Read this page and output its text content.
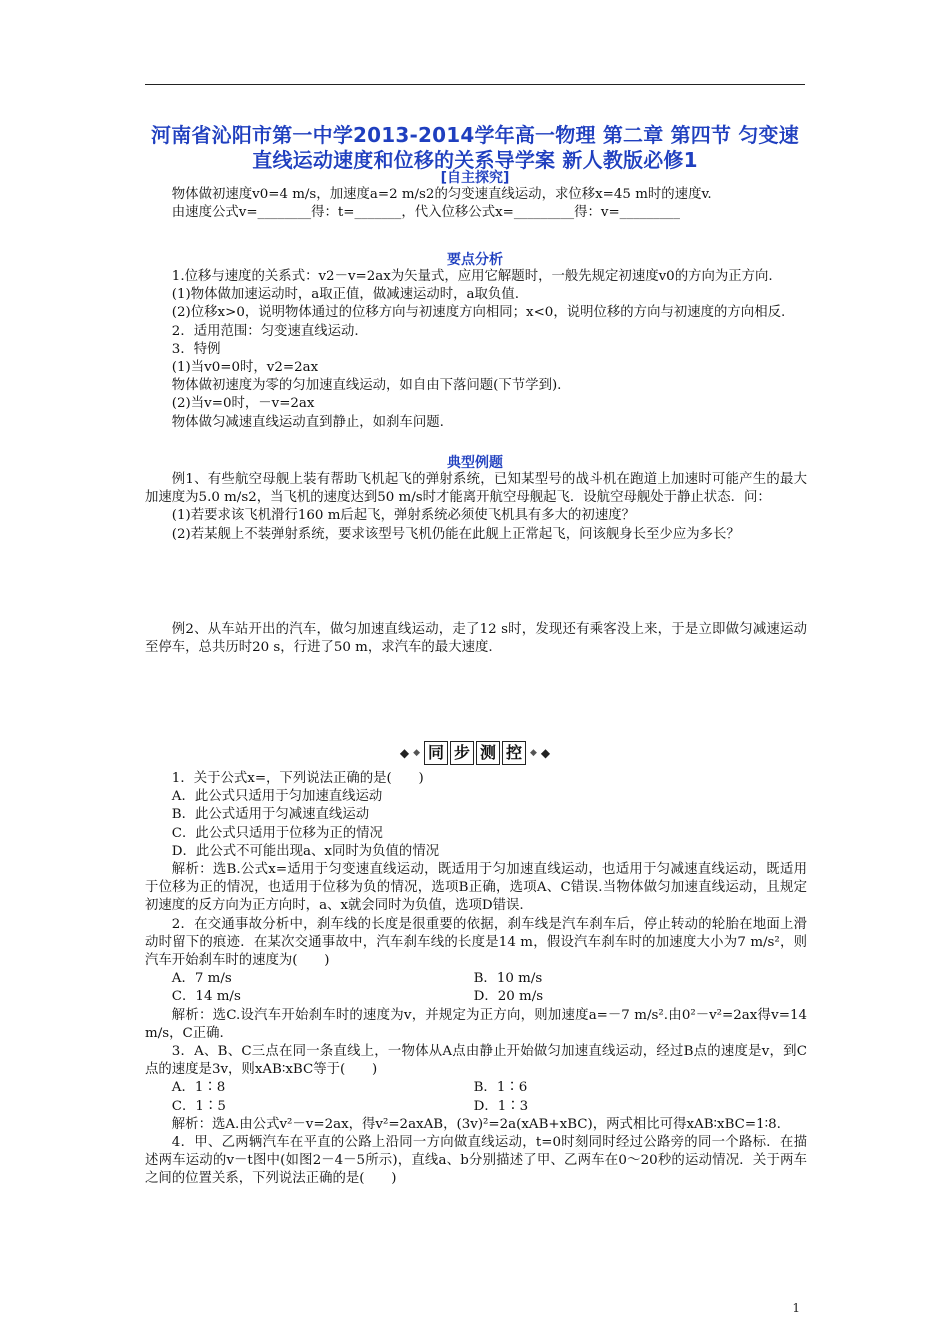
河南省沁阳市第一中学2013-2014学年高一物理 第二章 第四节 匀变速直线运动速度和位移的关系导学案 新人教版必修1
[自主探究]

物体做初速度v0=4 m/s，加速度a=2 m/s2的匀变速直线运动，求位移x=45 m时的速度v.

由速度公式v=________得：t=_______，代入位移公式x=_________得：v=_________

要点分析

1.位移与速度的关系式：v2－v=2ax为矢量式，应用它解题时，一般先规定初速度v0的方向为正方向.

(1)物体做加速运动时，a取正值，做减速运动时，a取负值.

(2)位移x>0，说明物体通过的位移方向与初速度方向相同；x<0，说明位移的方向与初速度的方向相反.

2．适用范围：匀变速直线运动.

3．特例

(1)当v0=0时，v2=2ax

物体做初速度为零的匀加速直线运动，如自由下落问题(下节学到).

(2)当v=0时，－v=2ax

物体做匀减速直线运动直到静止，如刹车问题.

典型例题

例1、有些航空母舰上装有帮助飞机起飞的弹射系统，已知某型号的战斗机在跑道上加速时可能产生的最大加速度为5.0 m/s2，当飞机的速度达到50 m/s时才能离开航空母舰起飞．设航空母舰处于静止状态．问：

(1)若要求该飞机滑行160 m后起飞，弹射系统必须使飞机具有多大的初速度？

(2)若某舰上不装弹射系统，要求该型号飞机仍能在此舰上正常起飞，问该舰身长至少应为多长？

例2、从车站开出的汽车，做匀加速直线运动，走了12 s时，发现还有乘客没上来，于是立即做匀减速运动至停车，总共历时20 s，行进了50 m，求汽车的最大速度.

◆ ◆ 同 步 测 控 ◆ ◆

1．关于公式x=，下列说法正确的是(　　)

A．此公式只适用于匀加速直线运动

B．此公式适用于匀减速直线运动

C．此公式只适用于位移为正的情况

D．此公式不可能出现a、x同时为负值的情况

解析：选B.公式x=适用于匀变速直线运动，既适用于匀加速直线运动，也适用于匀减速直线运动，既适用于位移为正的情况，也适用于位移为负的情况，选项B正确，选项A、C错误.当物体做匀加速直线运动，且规定初速度的反方向为正方向时，a、x就会同时为负值，选项D错误.

2．在交通事故分析中，刹车线的长度是很重要的依据，刹车线是汽车刹车后，停止转动的轮胎在地面上滑动时留下的痕迹．在某次交通事故中，汽车刹车线的长度是14 m，假设汽车刹车时的加速度大小为7 m/s²，则汽车开始刹车时的速度为(　　)

A．7 m/s	B．10 m/s
C．14 m/s	D．20 m/s

解析：选C.设汽车开始刹车时的速度为v，并规定为正方向，则加速度a=－7 m/s².由0²－v²=2ax得v=14 m/s，C正确.

3．A、B、C三点在同一条直线上，一物体从A点由静止开始做匀加速直线运动，经过B点的速度是v，到C点的速度是3v，则xAB∶xBC等于(　　)

A．1∶8	B．1∶6
C．1∶5	D．1∶3

解析：选A.由公式v²－v=2ax，得v²=2axAB，(3v)²=2a(xAB+xBC)，两式相比可得xAB∶xBC=1∶8.

4．甲、乙两辆汽车在平直的公路上沿同一方向做直线运动，t=0时刻同时经过公路旁的同一个路标．在描述两车运动的v－t图中(如图2－4－5所示)，直线a、b分别描述了甲、乙两车在0～20秒的运动情况．关于两车之间的位置关系，下列说法正确的是(　　)

1
